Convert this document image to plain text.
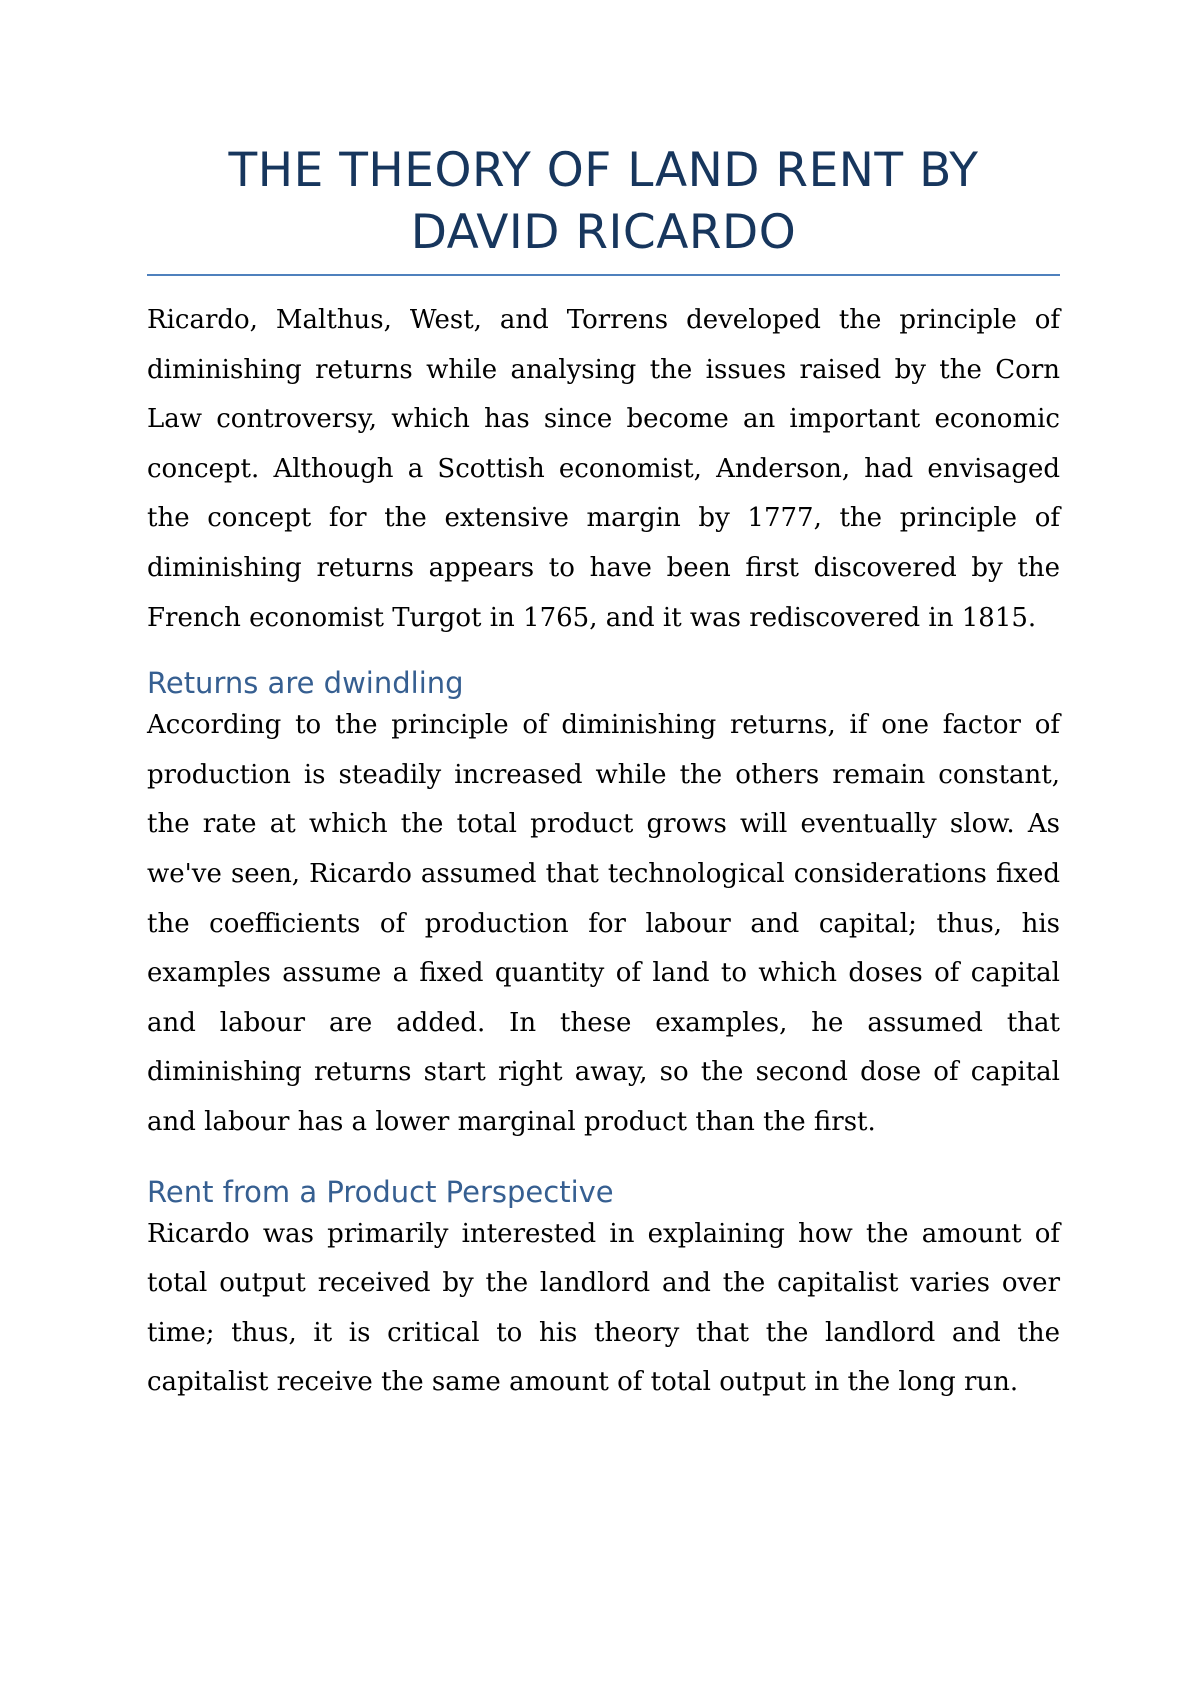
THE THEORY OF LAND RENT BY
DAVID RICARDO

Ricardo, Malthus, West, and Torrens developed the principle of diminishing returns while analysing the issues raised by the Corn Law controversy, which has since become an important economic concept. Although a Scottish economist, Anderson, had envisaged the concept for the extensive margin by 1777, the principle of diminishing returns appears to have been first discovered by the French economist Turgot in 1765, and it was rediscovered in 1815.

Returns are dwindling

According to the principle of diminishing returns, if one factor of production is steadily increased while the others remain constant, the rate at which the total product grows will eventually slow. As we've seen, Ricardo assumed that technological considerations fixed the coefficients of production for labour and capital; thus, his examples assume a fixed quantity of land to which doses of capital and labour are added. In these examples, he assumed that diminishing returns start right away, so the second dose of capital and labour has a lower marginal product than the first.

Rent from a Product Perspective

Ricardo was primarily interested in explaining how the amount of total output received by the landlord and the capitalist varies over time; thus, it is critical to his theory that the landlord and the capitalist receive the same amount of total output in the long run.
